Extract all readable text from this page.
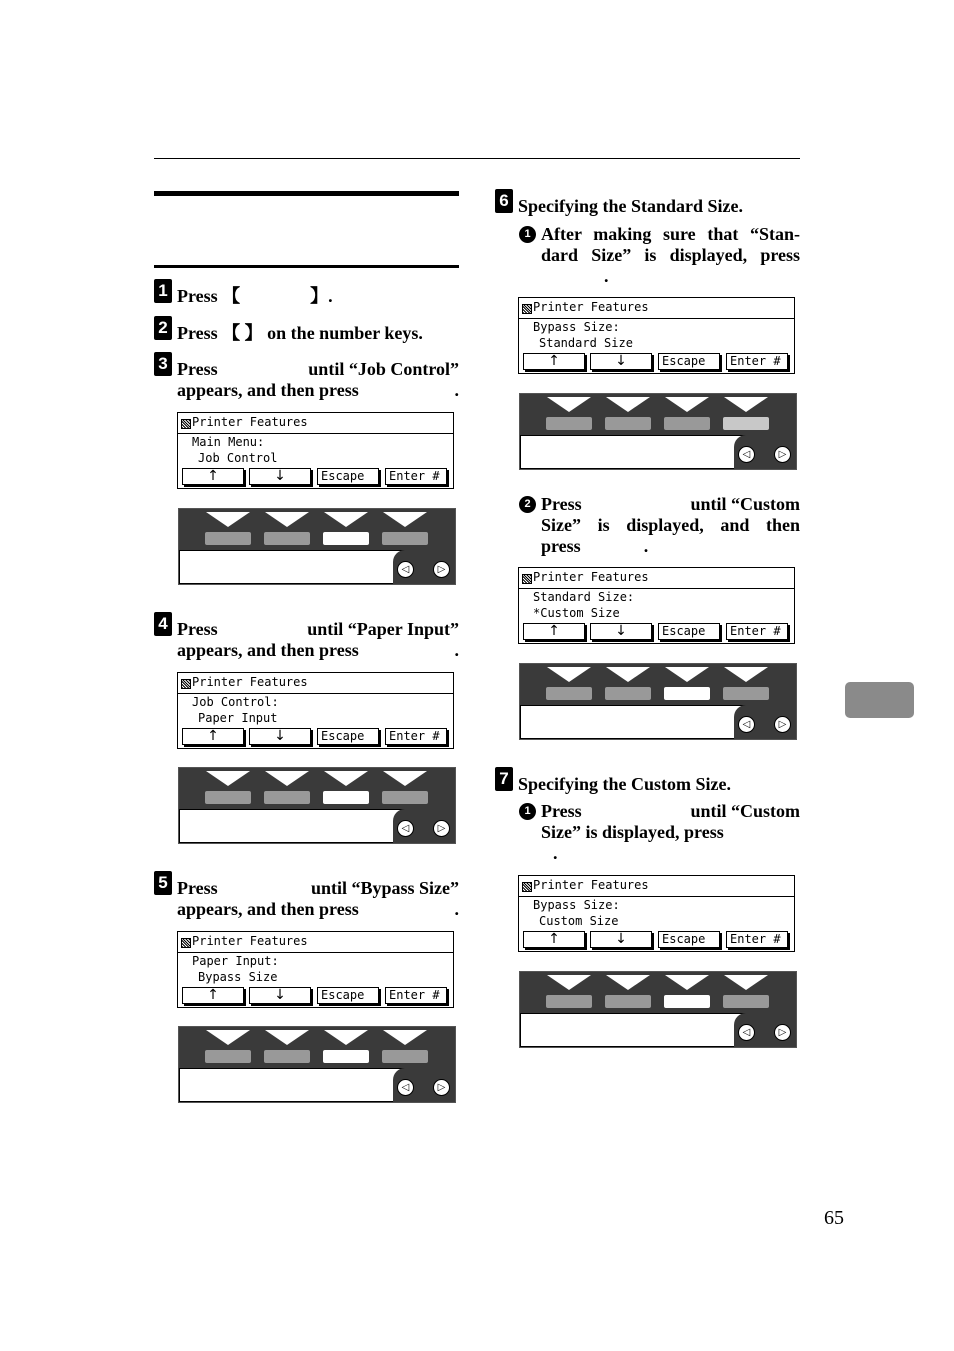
1 Press 【	】.
2 Press 【 】 on the number keys.
3 Press	until “Job Control”
appears, and then press	.
Printer Features
Main Menu:
Job Control
↑	↓	Escape	Enter #
◁	▷
4 Press	until “Paper Input”
appears, and then press	.
Printer Features
Job Control:
Paper Input
↑	↓	Escape	Enter #
◁	▷
5 Press	until “Bypass Size”
appears, and then press	.
Printer Features
Paper Input:
Bypass Size
↑	↓	Escape	Enter #
◁	▷
6 Specifying the Standard Size.
1 After making sure that “Stan-
dard Size” is displayed, press
.
Printer Features
Bypass Size:
Standard Size
↑	↓	Escape	Enter #
◁	▷
2 Press	until “Custom
Size” is displayed, and then
press	.
Printer Features
Standard Size:
*Custom Size
↑	↓	Escape	Enter #
◁	▷
7 Specifying the Custom Size.
1 Press	until “Custom
Size” is displayed, press
.
Printer Features
Bypass Size:
Custom Size
↑	↓	Escape	Enter #
◁	▷
65
